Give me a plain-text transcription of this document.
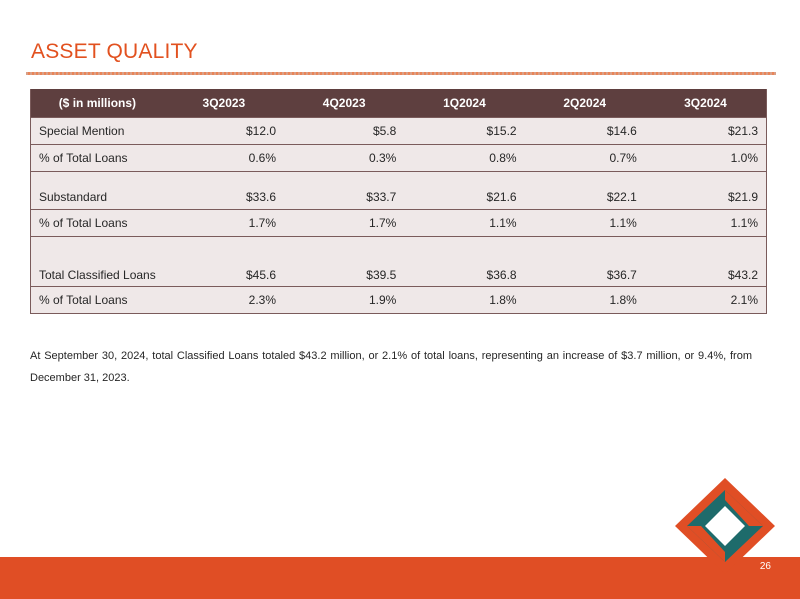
ASSET QUALITY
($ in millions)	3Q2023	4Q2023	1Q2024	2Q2024	3Q2024
Special Mention	$12.0	$5.8	$15.2	$14.6	$21.3
% of Total Loans	0.6%	0.3%	0.8%	0.7%	1.0%
Substandard	$33.6	$33.7	$21.6	$22.1	$21.9
% of Total Loans	1.7%	1.7%	1.1%	1.1%	1.1%
Total Classified Loans	$45.6	$39.5	$36.8	$36.7	$43.2
% of Total Loans	2.3%	1.9%	1.8%	1.8%	2.1%
At September 30, 2024, total Classified Loans totaled $43.2 million, or 2.1% of total loans, representing an increase of $3.7 million, or 9.4%, from December 31, 2023.
26
